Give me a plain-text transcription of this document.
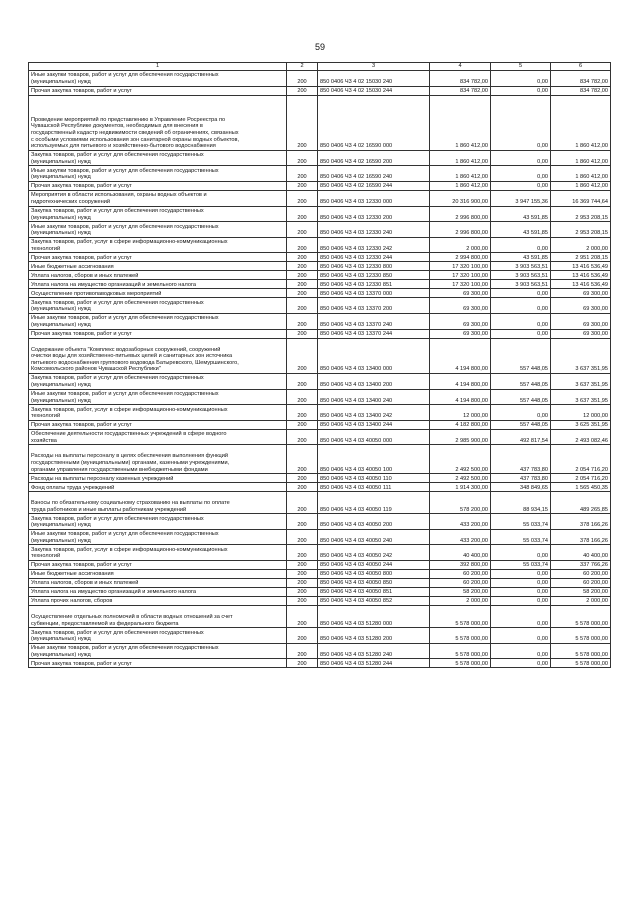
59
1	2	3	4	5	6
Иные закупки товаров, работ и услуг для обеспечения государственных
(муниципальных) нужд	200	850 0406 Ч3 4 02 15030 240	834 782,00	0,00	834 782,00
Прочая закупка товаров, работ и услуг	200	850 0406 Ч3 4 02 15030 244	834 782,00	0,00	834 782,00

Проведение мероприятий по представлению в Управление Росреестра по
Чувашской Республике документов, необходимых для внесения в
государственный кадастр недвижимости сведений об ограничениях, связанных
с особыми условиями использования зон санитарной охраны водных объектов,
используемых для питьевого и хозяйственно-бытового водоснабжения	200	850 0406 Ч3 4 02 16590 000	1 860 412,00	0,00	1 860 412,00
Закупка товаров, работ и услуг для обеспечения государственных
(муниципальных) нужд	200	850 0406 Ч3 4 02 16590 200	1 860 412,00	0,00	1 860 412,00
Иные закупки товаров, работ и услуг для обеспечения государственных
(муниципальных) нужд	200	850 0406 Ч3 4 02 16590 240	1 860 412,00	0,00	1 860 412,00
Прочая закупка товаров, работ и услуг	200	850 0406 Ч3 4 02 16590 244	1 860 412,00	0,00	1 860 412,00
Мероприятия в области использования, охраны водных объектов и
гидротехнических сооружений	200	850 0406 Ч3 4 03 12330 000	20 316 900,00	3 947 155,36	16 369 744,64
Закупка товаров, работ и услуг для обеспечения государственных
(муниципальных) нужд	200	850 0406 Ч3 4 03 12330 200	2 996 800,00	43 591,85	2 953 208,15
Иные закупки товаров, работ и услуг для обеспечения государственных
(муниципальных) нужд	200	850 0406 Ч3 4 03 12330 240	2 996 800,00	43 591,85	2 953 208,15
Закупка товаров, работ, услуг в сфере информационно-коммуникационных
технологий	200	850 0406 Ч3 4 03 12330 242	2 000,00	0,00	2 000,00
Прочая закупка товаров, работ и услуг	200	850 0406 Ч3 4 03 12330 244	2 994 800,00	43 591,85	2 951 208,15
Иные бюджетные ассигнования	200	850 0406 Ч3 4 03 12330 800	17 320 100,00	3 903 563,51	13 416 536,49
Уплата налогов, сборов и иных платежей	200	850 0406 Ч3 4 03 12330 850	17 320 100,00	3 903 563,51	13 416 536,49
Уплата налога на имущество организаций и земельного налога	200	850 0406 Ч3 4 03 12330 851	17 320 100,00	3 903 563,51	13 416 536,49
Осуществление противопаводковых мероприятий	200	850 0406 Ч3 4 03 13370 000	69 300,00	0,00	69 300,00
Закупка товаров, работ и услуг для обеспечения государственных
(муниципальных) нужд	200	850 0406 Ч3 4 03 13370 200	69 300,00	0,00	69 300,00
Иные закупки товаров, работ и услуг для обеспечения государственных
(муниципальных) нужд	200	850 0406 Ч3 4 03 13370 240	69 300,00	0,00	69 300,00
Прочая закупка товаров, работ и услуг	200	850 0406 Ч3 4 03 13370 244	69 300,00	0,00	69 300,00

Содержание объекта "Комплекс водозаборных сооружений, сооружений
очистки воды для хозяйственно-питьевых целей и санитарных зон источника
питьевого водоснабжения группового водовода Батыревского, Шемуршинского,
Комсомольского районов Чувашской Республики"	200	850 0406 Ч3 4 03 13400 000	4 194 800,00	557 448,05	3 637 351,95
Закупка товаров, работ и услуг для обеспечения государственных
(муниципальных) нужд	200	850 0406 Ч3 4 03 13400 200	4 194 800,00	557 448,05	3 637 351,95
Иные закупки товаров, работ и услуг для обеспечения государственных
(муниципальных) нужд	200	850 0406 Ч3 4 03 13400 240	4 194 800,00	557 448,05	3 637 351,95
Закупка товаров, работ, услуг в сфере информационно-коммуникационных
технологий	200	850 0406 Ч3 4 03 13400 242	12 000,00	0,00	12 000,00
Прочая закупка товаров, работ и услуг	200	850 0406 Ч3 4 03 13400 244	4 182 800,00	557 448,05	3 625 351,95
Обеспечение деятельности государственных учреждений в сфере водного
хозяйства	200	850 0406 Ч3 4 03 40050 000	2 985 900,00	492 817,54	2 493 082,46

Расходы на выплаты персоналу в целях обеспечения выполнения функций
государственными (муниципальными) органами, казенными учреждениями,
органами управления государственными внебюджетными фондами	200	850 0406 Ч3 4 03 40050 100	2 492 500,00	437 783,80	2 054 716,20
Расходы на выплаты персоналу казенных учреждений	200	850 0406 Ч3 4 03 40050 110	2 492 500,00	437 783,80	2 054 716,20
Фонд оплаты труда учреждений	200	850 0406 Ч3 4 03 40050 111	1 914 300,00	348 849,65	1 565 450,35

Взносы по обязательному социальному страхованию на выплаты по оплате
труда работников и иные выплаты работникам учреждений	200	850 0406 Ч3 4 03 40050 119	578 200,00	88 934,15	489 265,85
Закупка товаров, работ и услуг для обеспечения государственных
(муниципальных) нужд	200	850 0406 Ч3 4 03 40050 200	433 200,00	55 033,74	378 166,26
Иные закупки товаров, работ и услуг для обеспечения государственных
(муниципальных) нужд	200	850 0406 Ч3 4 03 40050 240	433 200,00	55 033,74	378 166,26
Закупка товаров, работ, услуг в сфере информационно-коммуникационных
технологий	200	850 0406 Ч3 4 03 40050 242	40 400,00	0,00	40 400,00
Прочая закупка товаров, работ и услуг	200	850 0406 Ч3 4 03 40050 244	392 800,00	55 033,74	337 766,26
Иные бюджетные ассигнования	200	850 0406 Ч3 4 03 40050 800	60 200,00	0,00	60 200,00
Уплата налогов, сборов и иных платежей	200	850 0406 Ч3 4 03 40050 850	60 200,00	0,00	60 200,00
Уплата налога на имущество организаций и земельного налога	200	850 0406 Ч3 4 03 40050 851	58 200,00	0,00	58 200,00
Уплата прочих налогов, сборов	200	850 0406 Ч3 4 03 40050 852	2 000,00	0,00	2 000,00

Осуществление отдельных полномочий в области водных отношений за счет
субвенции, предоставляемой из федерального бюджета	200	850 0406 Ч3 4 03 51280 000	5 578 000,00	0,00	5 578 000,00
Закупка товаров, работ и услуг для обеспечения государственных
(муниципальных) нужд	200	850 0406 Ч3 4 03 51280 200	5 578 000,00	0,00	5 578 000,00
Иные закупки товаров, работ и услуг для обеспечения государственных
(муниципальных) нужд	200	850 0406 Ч3 4 03 51280 240	5 578 000,00	0,00	5 578 000,00
Прочая закупка товаров, работ и услуг	200	850 0406 Ч3 4 03 51280 244	5 578 000,00	0,00	5 578 000,00
